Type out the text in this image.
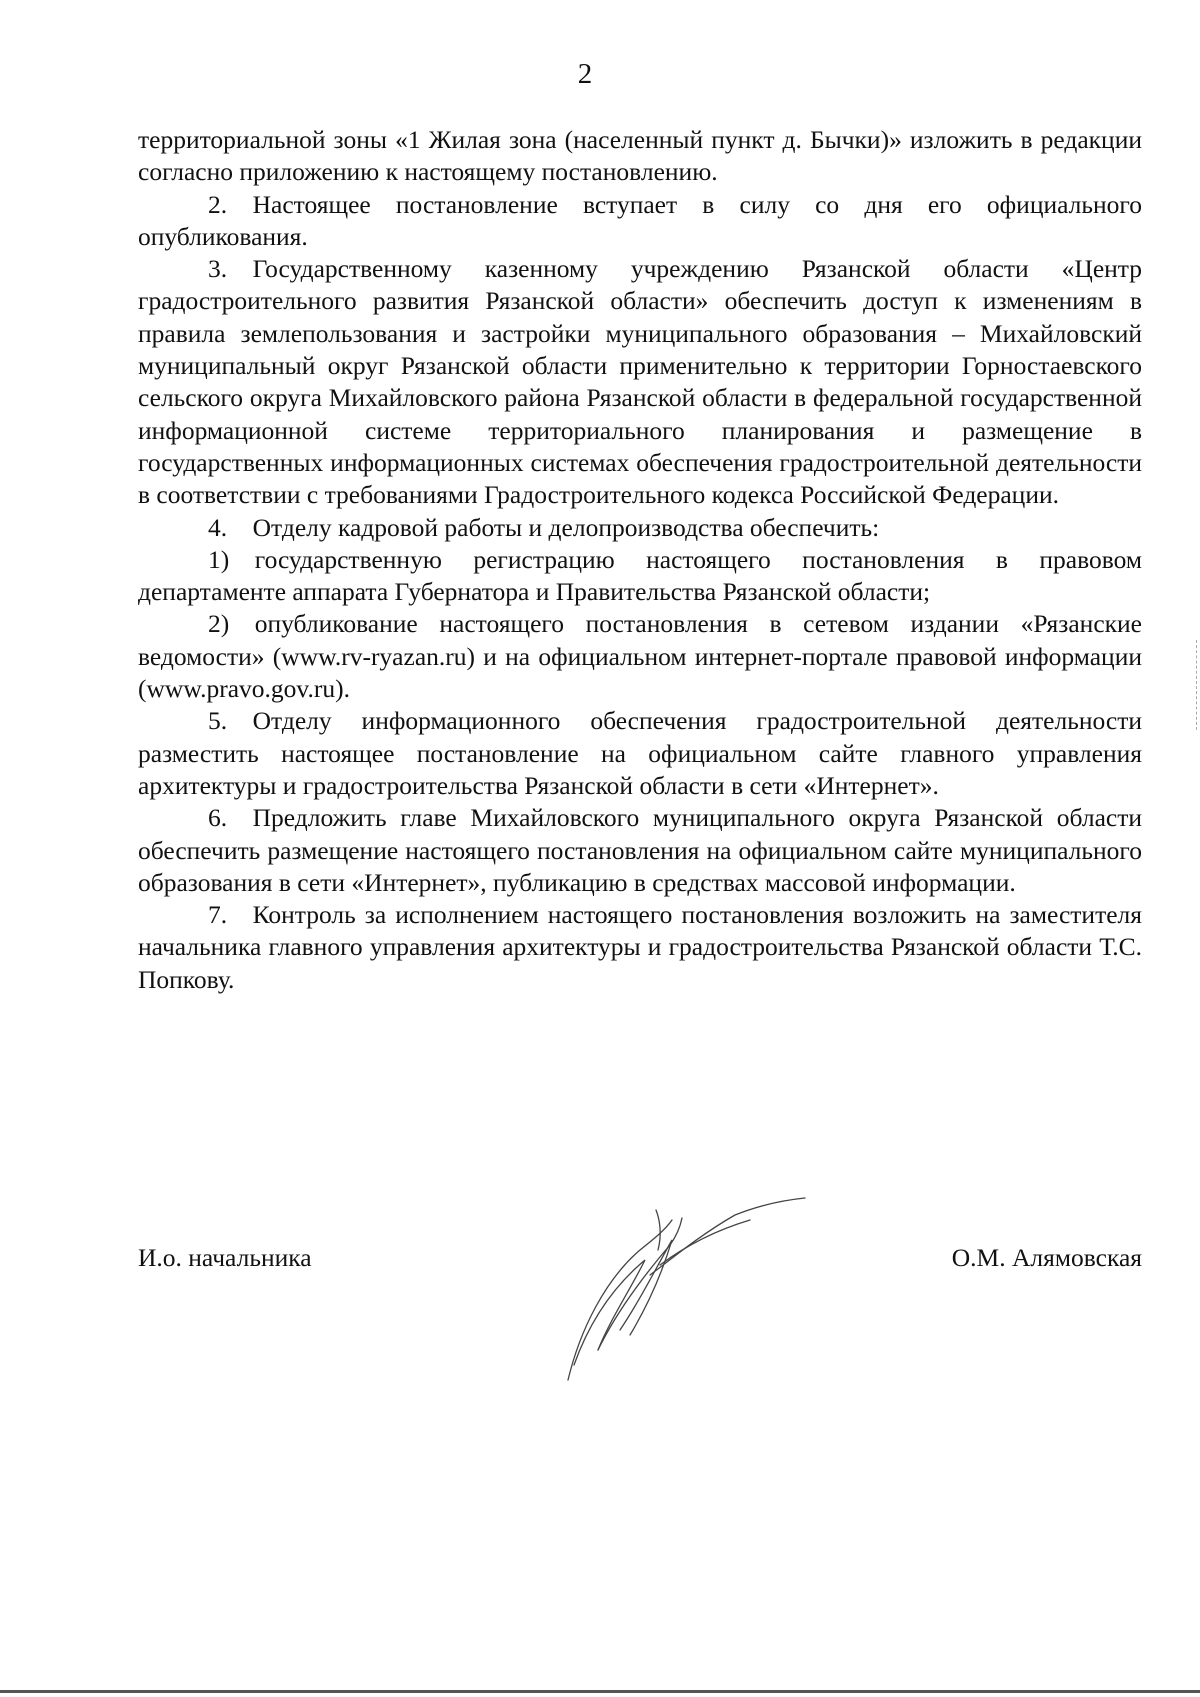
2

территориальной зоны «1 Жилая зона (населенный пункт д. Бычки)» изложить в редакции согласно приложению к настоящему постановлению.

2. Настоящее постановление вступает в силу со дня его официального опубликования.

3. Государственному казенному учреждению Рязанской области «Центр градостроительного развития Рязанской области» обеспечить доступ к изменениям в правила землепользования и застройки муниципального образования – Михайловский муниципальный округ Рязанской области применительно к территории Горностаевского сельского округа Михайловского района Рязанской области в федеральной государственной информационной системе территориального планирования и размещение в государственных информационных системах обеспечения градостроительной деятельности в соответствии с требованиями Градостроительного кодекса Российской Федерации.

4. Отделу кадровой работы и делопроизводства обеспечить:

1) государственную регистрацию настоящего постановления в правовом департаменте аппарата Губернатора и Правительства Рязанской области;

2) опубликование настоящего постановления в сетевом издании «Рязанские ведомости» (www.rv-ryazan.ru) и на официальном интернет-портале правовой информации (www.pravo.gov.ru).

5. Отделу информационного обеспечения градостроительной деятельности разместить настоящее постановление на официальном сайте главного управления архитектуры и градостроительства Рязанской области в сети «Интернет».

6. Предложить главе Михайловского муниципального округа Рязанской области обеспечить размещение настоящего постановления на официальном сайте муниципального образования в сети «Интернет», публикацию в средствах массовой информации.

7. Контроль за исполнением настоящего постановления возложить на заместителя начальника главного управления архитектуры и градостроительства Рязанской области Т.С. Попкову.

И.о. начальника	О.М. Алямовская
